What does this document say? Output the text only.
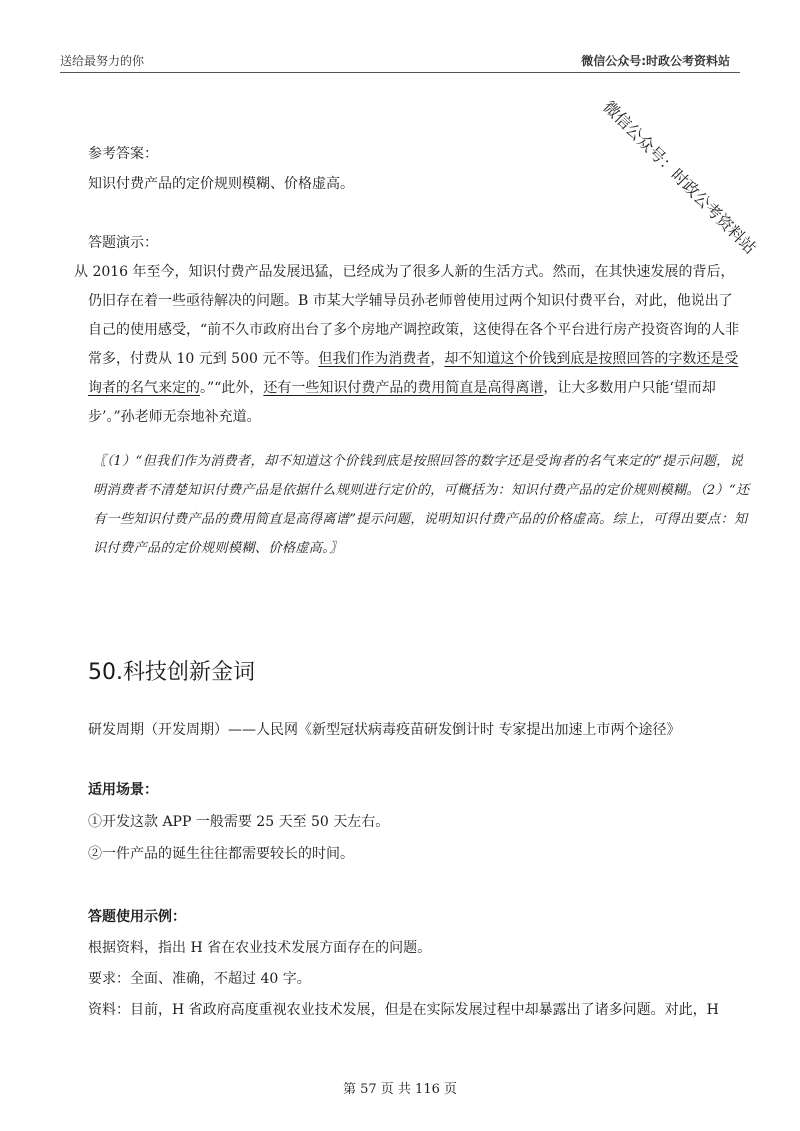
送给最努力的你	微信公众号:时政公考资料站
微信公众号：时政公考资料站
参考答案：
知识付费产品的定价规则模糊、价格虚高。
答题演示：
从 2016 年至今，知识付费产品发展迅猛，已经成为了很多人新的生活方式。然而，在其快速发展的背后，仍旧存在着一些亟待解决的问题。B 市某大学辅导员孙老师曾使用过两个知识付费平台，对此，他说出了自己的使用感受，“前不久市政府出台了多个房地产调控政策，这使得在各个平台进行房产投资咨询的人非常多，付费从 10 元到 500 元不等。但我们作为消费者，却不知道这个价钱到底是按照回答的字数还是受询者的名气来定的。”“此外，还有一些知识付费产品的费用简直是高得离谱，让大多数用户只能‘望而却步’。”孙老师无奈地补充道。
〖（1）“但我们作为消费者，却不知道这个价钱到底是按照回答的数字还是受询者的名气来定的”提示问题，说明消费者不清楚知识付费产品是依据什么规则进行定价的，可概括为：知识付费产品的定价规则模糊。（2）“还有一些知识付费产品的费用简直是高得离谱”提示问题，说明知识付费产品的价格虚高。综上，可得出要点：知识付费产品的定价规则模糊、价格虚高。〗
50.科技创新金词
研发周期（开发周期）——人民网《新型冠状病毒疫苗研发倒计时 专家提出加速上市两个途径》
适用场景：
①开发这款 APP 一般需要 25 天至 50 天左右。
②一件产品的诞生往往都需要较长的时间。
答题使用示例：
根据资料，指出 H 省在农业技术发展方面存在的问题。
要求：全面、准确，不超过 40 字。
资料：目前，H 省政府高度重视农业技术发展，但是在实际发展过程中却暴露出了诸多问题。对此，H
第 57 页 共 116 页
